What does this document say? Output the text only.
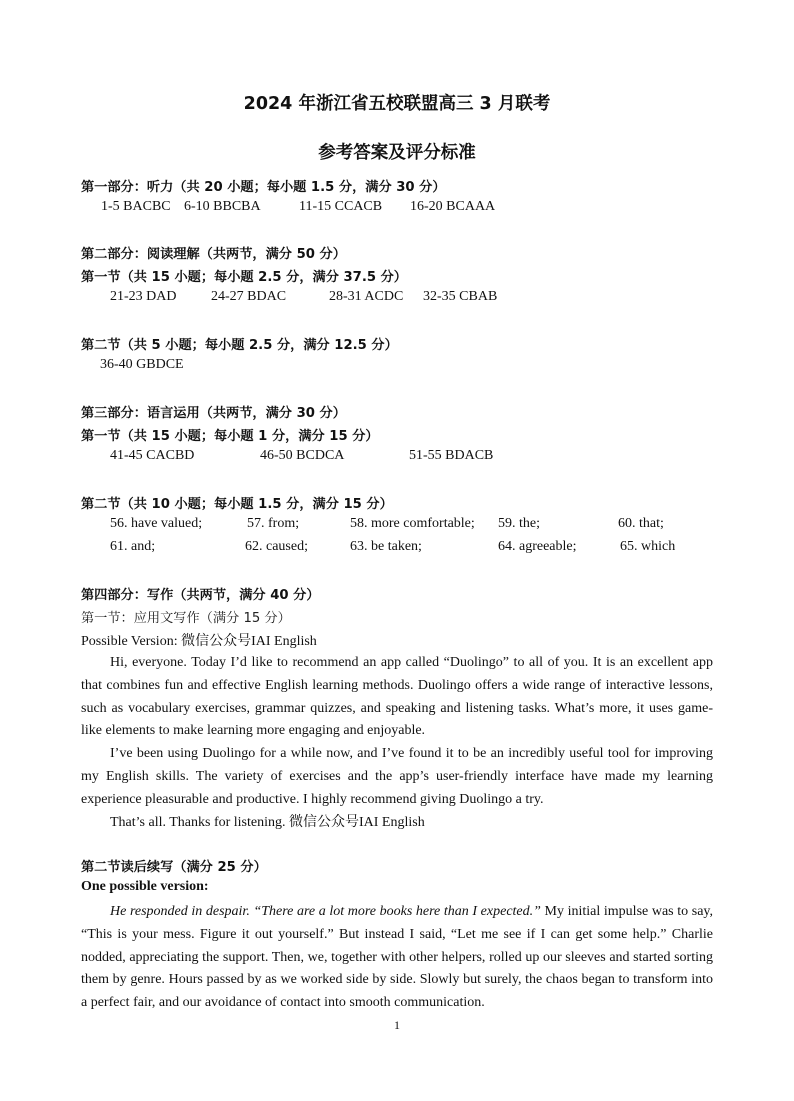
2024 年浙江省五校联盟高三 3 月联考
参考答案及评分标准
第一部分：听力（共 20 小题；每小题 1.5 分，满分 30 分）
1-5 BACBC 6-10 BBCBA	11-15 CCACB 16-20 BCAAA
第二部分：阅读理解（共两节，满分 50 分）
第一节（共 15 小题；每小题 2.5 分，满分 37.5 分）
21-23 DAD 24-27 BDAC	28-31 ACDC 32-35 CBAB
第二节（共 5 小题；每小题 2.5 分，满分 12.5 分）
36-40 GBDCE
第三部分：语言运用（共两节，满分 30 分）
第一节（共 15 小题；每小题 1 分，满分 15 分）
41-45 CACBD	46-50 BCDCA	51-55 BDACB
第二节（共 10 小题；每小题 1.5 分，满分 15 分）
56. have valued;	57. from;	58. more comfortable; 59. the;	60. that;
61. and;	62. caused;	63. be taken;	64. agreeable;	65. which
第四部分：写作（共两节，满分 40 分）
第一节：应用文写作（满分 15 分）
Possible Version: 微信公众号IAI English

Hi, everyone. Today I’d like to recommend an app called “Duolingo” to all of you. It is an excellent app that combines fun and effective English learning methods. Duolingo offers a wide range of interactive lessons, such as vocabulary exercises, grammar quizzes, and speaking and listening tasks. What’s more, it uses game-like elements to make learning more engaging and enjoyable.

I’ve been using Duolingo for a while now, and I’ve found it to be an incredibly useful tool for improving my English skills. The variety of exercises and the app’s user-friendly interface have made my learning experience pleasurable and productive. I highly recommend giving Duolingo a try.

That’s all. Thanks for listening. 微信公众号IAI English

第二节读后续写（满分 25 分）
One possible version:

He responded in despair. “There are a lot more books here than I expected.” My initial impulse was to say, “This is your mess. Figure it out yourself.” But instead I said, “Let me see if I can get some help.” Charlie nodded, appreciating the support. Then, we, together with other helpers, rolled up our sleeves and started sorting them by genre. Hours passed by as we worked side by side. Slowly but surely, the chaos began to transform into a perfect fair, and our avoidance of contact into smooth communication.

1
